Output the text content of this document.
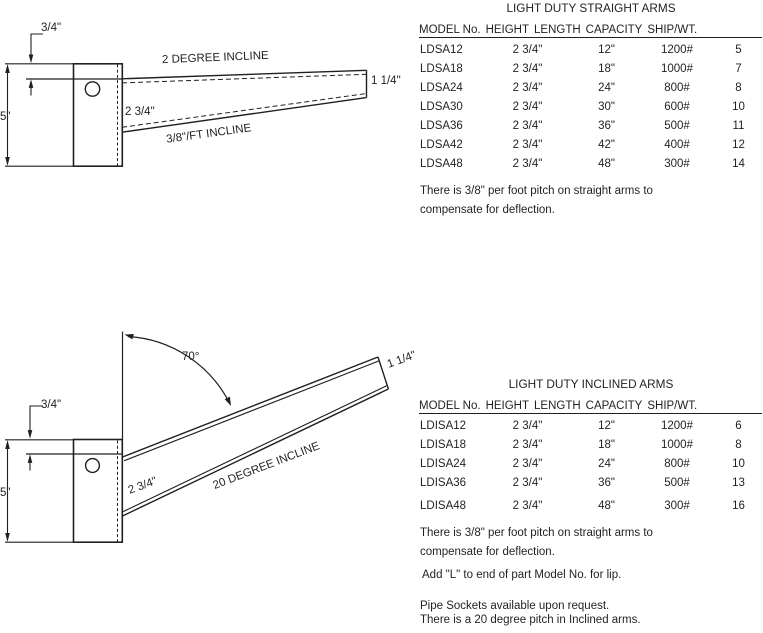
3/4"
5"
2 DEGREE INCLINE
1 1/4"
2 3/4"
3/8"/FT INCLINE
3/4"
5"
70°	1 1/4"
2 3/4"	20 DEGREE INCLINE
LIGHT DUTY STRAIGHT ARMS
MODEL No. HEIGHT LENGTH CAPACITY SHIP/WT.
LDSA12	2 3/4"	12"	1200#	5
LDSA18	2 3/4"	18"	1000#	7
LDSA24	2 3/4"	24"	800#	8
LDSA30	2 3/4"	30"	600#	10
LDSA36	2 3/4"	36"	500#	11
LDSA42	2 3/4"	42"	400#	12
LDSA48	2 3/4"	48"	300#	14
There is 3/8" per foot pitch on straight arms to compensate for deflection.
LIGHT DUTY INCLINED ARMS
MODEL No. HEIGHT LENGTH CAPACITY SHIP/WT.
LDISA12	2 3/4"	12"	1200#	6
LDISA18	2 3/4"	18"	1000#	8
LDISA24	2 3/4"	24"	800#	10
LDISA36	2 3/4"	36"	500#	13
LDISA48	2 3/4"	48"	300#	16
There is 3/8" per foot pitch on straight arms to compensate for deflection.
Add "L" to end of part Model No. for lip.
Pipe Sockets available upon request.
There is a 20 degree pitch in Inclined arms.
